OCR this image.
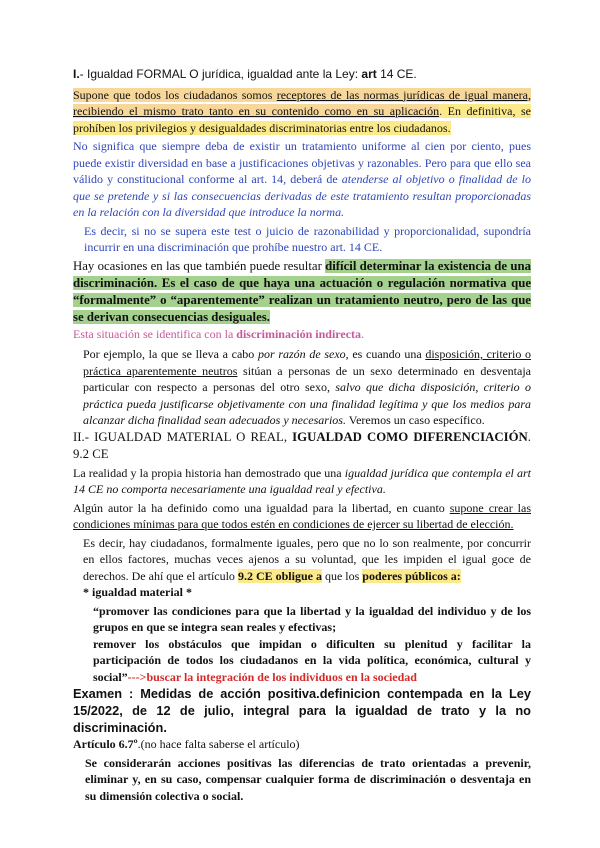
I.- Igualdad FORMAL O jurídica, igualdad ante la Ley: art 14 CE.

Supone que todos los ciudadanos somos receptores de las normas jurídicas de igual manera, recibiendo el mismo trato tanto en su contenido como en su aplicación. En definitiva, se prohíben los privilegios y desigualdades discriminatorias entre los ciudadanos.

No significa que siempre deba de existir un tratamiento uniforme al cien por ciento, pues puede existir diversidad en base a justificaciones objetivas y razonables. Pero para que ello sea válido y constitucional conforme al art. 14, deberá de atenderse al objetivo o finalidad de lo que se pretende y si las consecuencias derivadas de este tratamiento resultan proporcionadas en la relación con la diversidad que introduce la norma.

Es decir, si no se supera este test o juicio de razonabilidad y proporcionalidad, supondría incurrir en una discriminación que prohíbe nuestro art. 14 CE.

Hay ocasiones en las que también puede resultar difícil determinar la existencia de una discriminación. Es el caso de que haya una actuación o regulación normativa que “formalmente” o “aparentemente” realizan un tratamiento neutro, pero de las que se derivan consecuencias desiguales.

Esta situación se identifica con la discriminación indirecta.

Por ejemplo, la que se lleva a cabo por razón de sexo, es cuando una disposición, criterio o práctica aparentemente neutros sitúan a personas de un sexo determinado en desventaja particular con respecto a personas del otro sexo, salvo que dicha disposición, criterio o práctica pueda justificarse objetivamente con una finalidad legítima y que los medios para alcanzar dicha finalidad sean adecuados y necesarios. Veremos un caso específico.

II.- IGUALDAD MATERIAL O REAL, IGUALDAD COMO DIFERENCIACIÓN. 9.2 CE

La realidad y la propia historia han demostrado que una igualdad jurídica que contempla el art 14 CE no comporta necesariamente una igualdad real y efectiva.

Algún autor la ha definido como una igualdad para la libertad, en cuanto supone crear las condiciones mínimas para que todos estén en condiciones de ejercer su libertad de elección.

Es decir, hay ciudadanos, formalmente iguales, pero que no lo son realmente, por concurrir en ellos factores, muchas veces ajenos a su voluntad, que les impiden el igual goce de derechos. De ahí que el artículo 9.2 CE obligue a que los poderes públicos a:

* igualdad material *

“promover las condiciones para que la libertad y la igualdad del individuo y de los grupos en que se integra sean reales y efectivas;

remover los obstáculos que impidan o dificulten su plenitud y facilitar la participación de todos los ciudadanos en la vida política, económica, cultural y social”--->buscar la integración de los individuos en la sociedad

Examen : Medidas de acción positiva.definicion contempada en la Ley 15/2022, de 12 de julio, integral para la igualdad de trato y la no discriminación.

Artículo 6.7º.(no hace falta saberse el artículo)

Se considerarán acciones positivas las diferencias de trato orientadas a prevenir, eliminar y, en su caso, compensar cualquier forma de discriminación o desventaja en su dimensión colectiva o social.
